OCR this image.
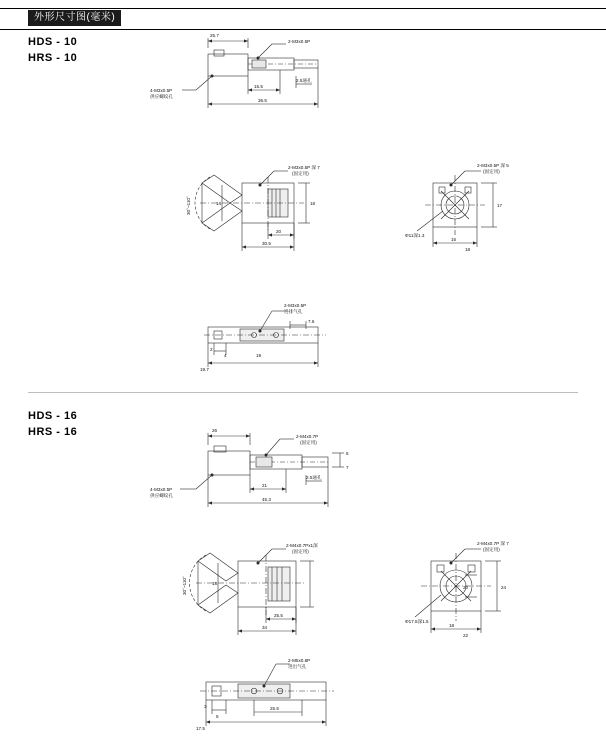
外形尺寸图(毫米)
HDS - 10
HRS - 10
25.7
2-M3x0.5P
4-M3x0.5P
供应螺纹孔
15.5
2.5通孔
36.5
2-M3x0.5P 深 7
(固定用)
30°~110°	14	18
20
30.5
2-M3x0.5P 深 5
(固定用)
Φ11深1.3
17
16
18
2-M3x0.5P
进排气孔
7.6
2
4	19
19.7
HDS - 16
HRS - 16	26
2-M4x0.7P
(固定用)
5
7
4-M3x0.5P
供应螺纹孔
21
2.5通孔
45.3
2-M4x0.7Px1深
(固定用)
30°~110°	18
25.5
34
2-M4x0.7P 深 7
(固定用)
Φ17.5深1.5
24
20
18
22
2-M5x0.8P
进出气孔
3
5
25.5
17.5
